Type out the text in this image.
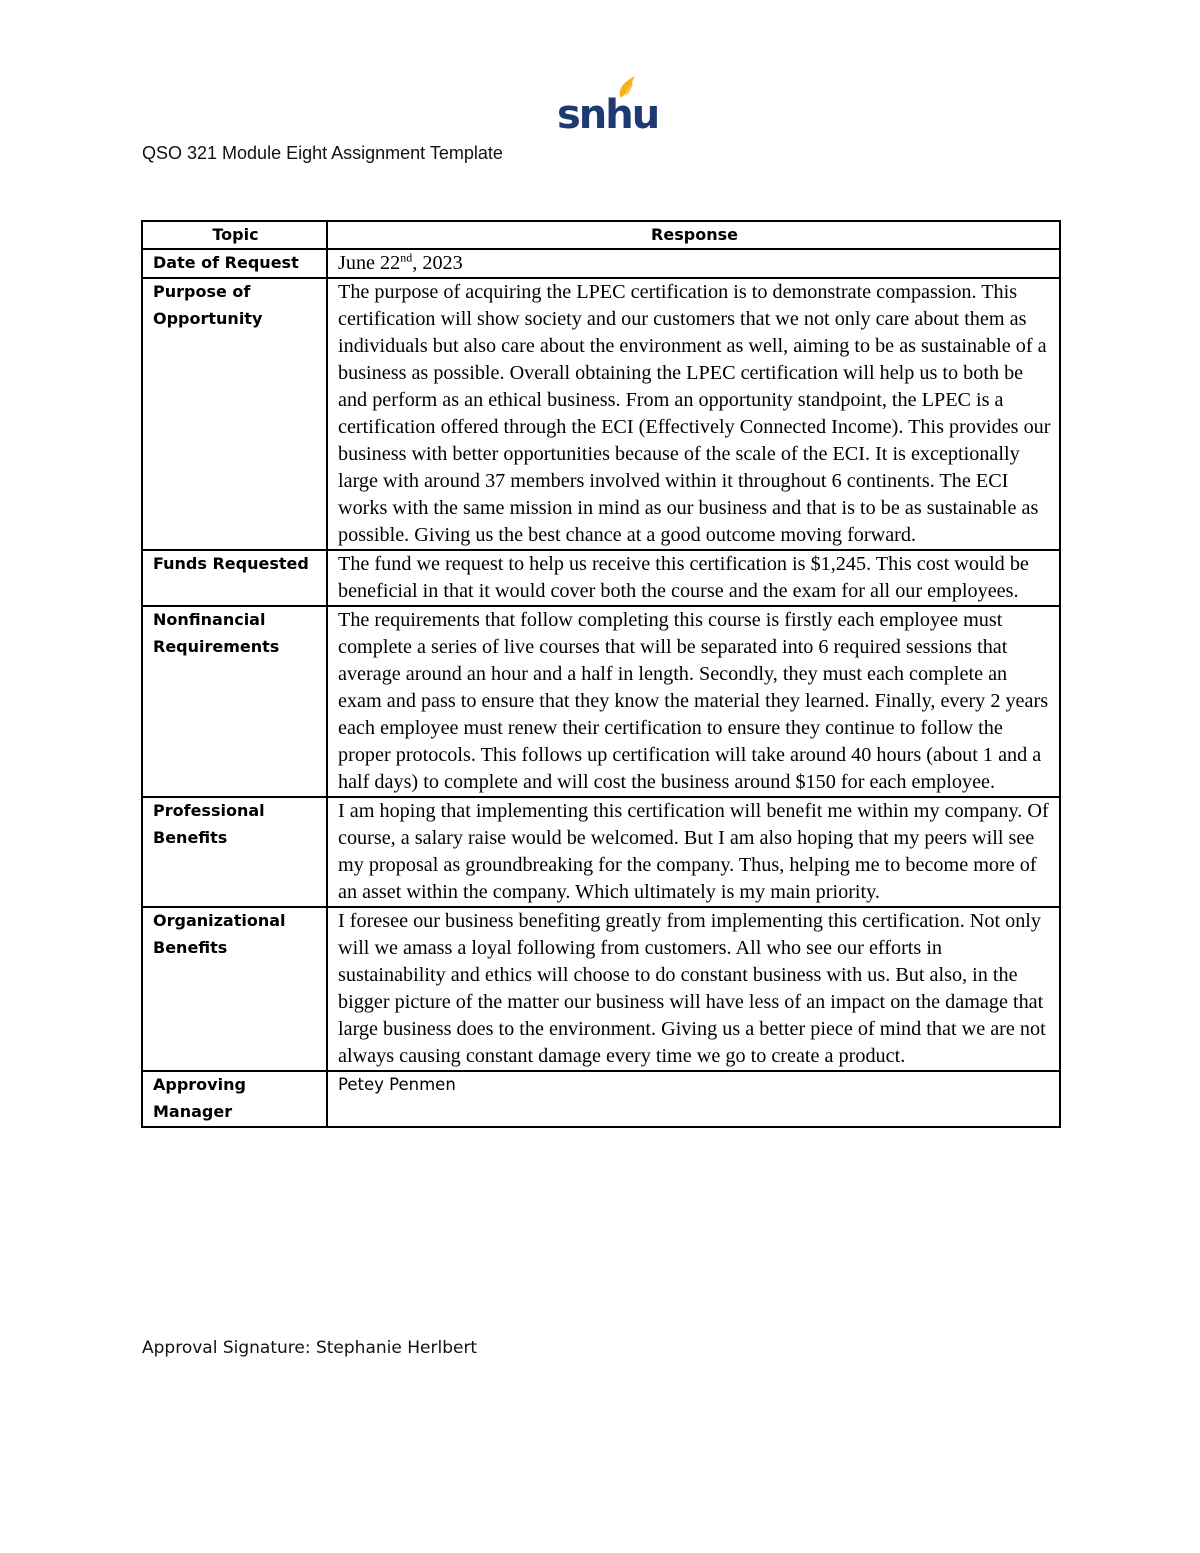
snhu
QSO 321 Module Eight Assignment Template
Topic	Response
Date of Request	June 22nd, 2023
Purpose of Opportunity	The purpose of acquiring the LPEC certification is to demonstrate compassion. This certification will show society and our customers that we not only care about them as individuals but also care about the environment as well, aiming to be as sustainable of a business as possible. Overall obtaining the LPEC certification will help us to both be and perform as an ethical business. From an opportunity standpoint, the LPEC is a certification offered through the ECI (Effectively Connected Income). This provides our business with better opportunities because of the scale of the ECI. It is exceptionally large with around 37 members involved within it throughout 6 continents. The ECI works with the same mission in mind as our business and that is to be as sustainable as possible. Giving us the best chance at a good outcome moving forward.
Funds Requested	The fund we request to help us receive this certification is $1,245. This cost would be beneficial in that it would cover both the course and the exam for all our employees.
Nonfinancial Requirements	The requirements that follow completing this course is firstly each employee must complete a series of live courses that will be separated into 6 required sessions that average around an hour and a half in length. Secondly, they must each complete an exam and pass to ensure that they know the material they learned. Finally, every 2 years each employee must renew their certification to ensure they continue to follow the proper protocols. This follows up certification will take around 40 hours (about 1 and a half days) to complete and will cost the business around $150 for each employee.
Professional Benefits	I am hoping that implementing this certification will benefit me within my company. Of course, a salary raise would be welcomed. But I am also hoping that my peers will see my proposal as groundbreaking for the company. Thus, helping me to become more of an asset within the company. Which ultimately is my main priority.
Organizational Benefits	I foresee our business benefiting greatly from implementing this certification. Not only will we amass a loyal following from customers. All who see our efforts in sustainability and ethics will choose to do constant business with us. But also, in the bigger picture of the matter our business will have less of an impact on the damage that large business does to the environment. Giving us a better piece of mind that we are not always causing constant damage every time we go to create a product.
Approving Manager	Petey Penmen
Approval Signature: Stephanie Herlbert
